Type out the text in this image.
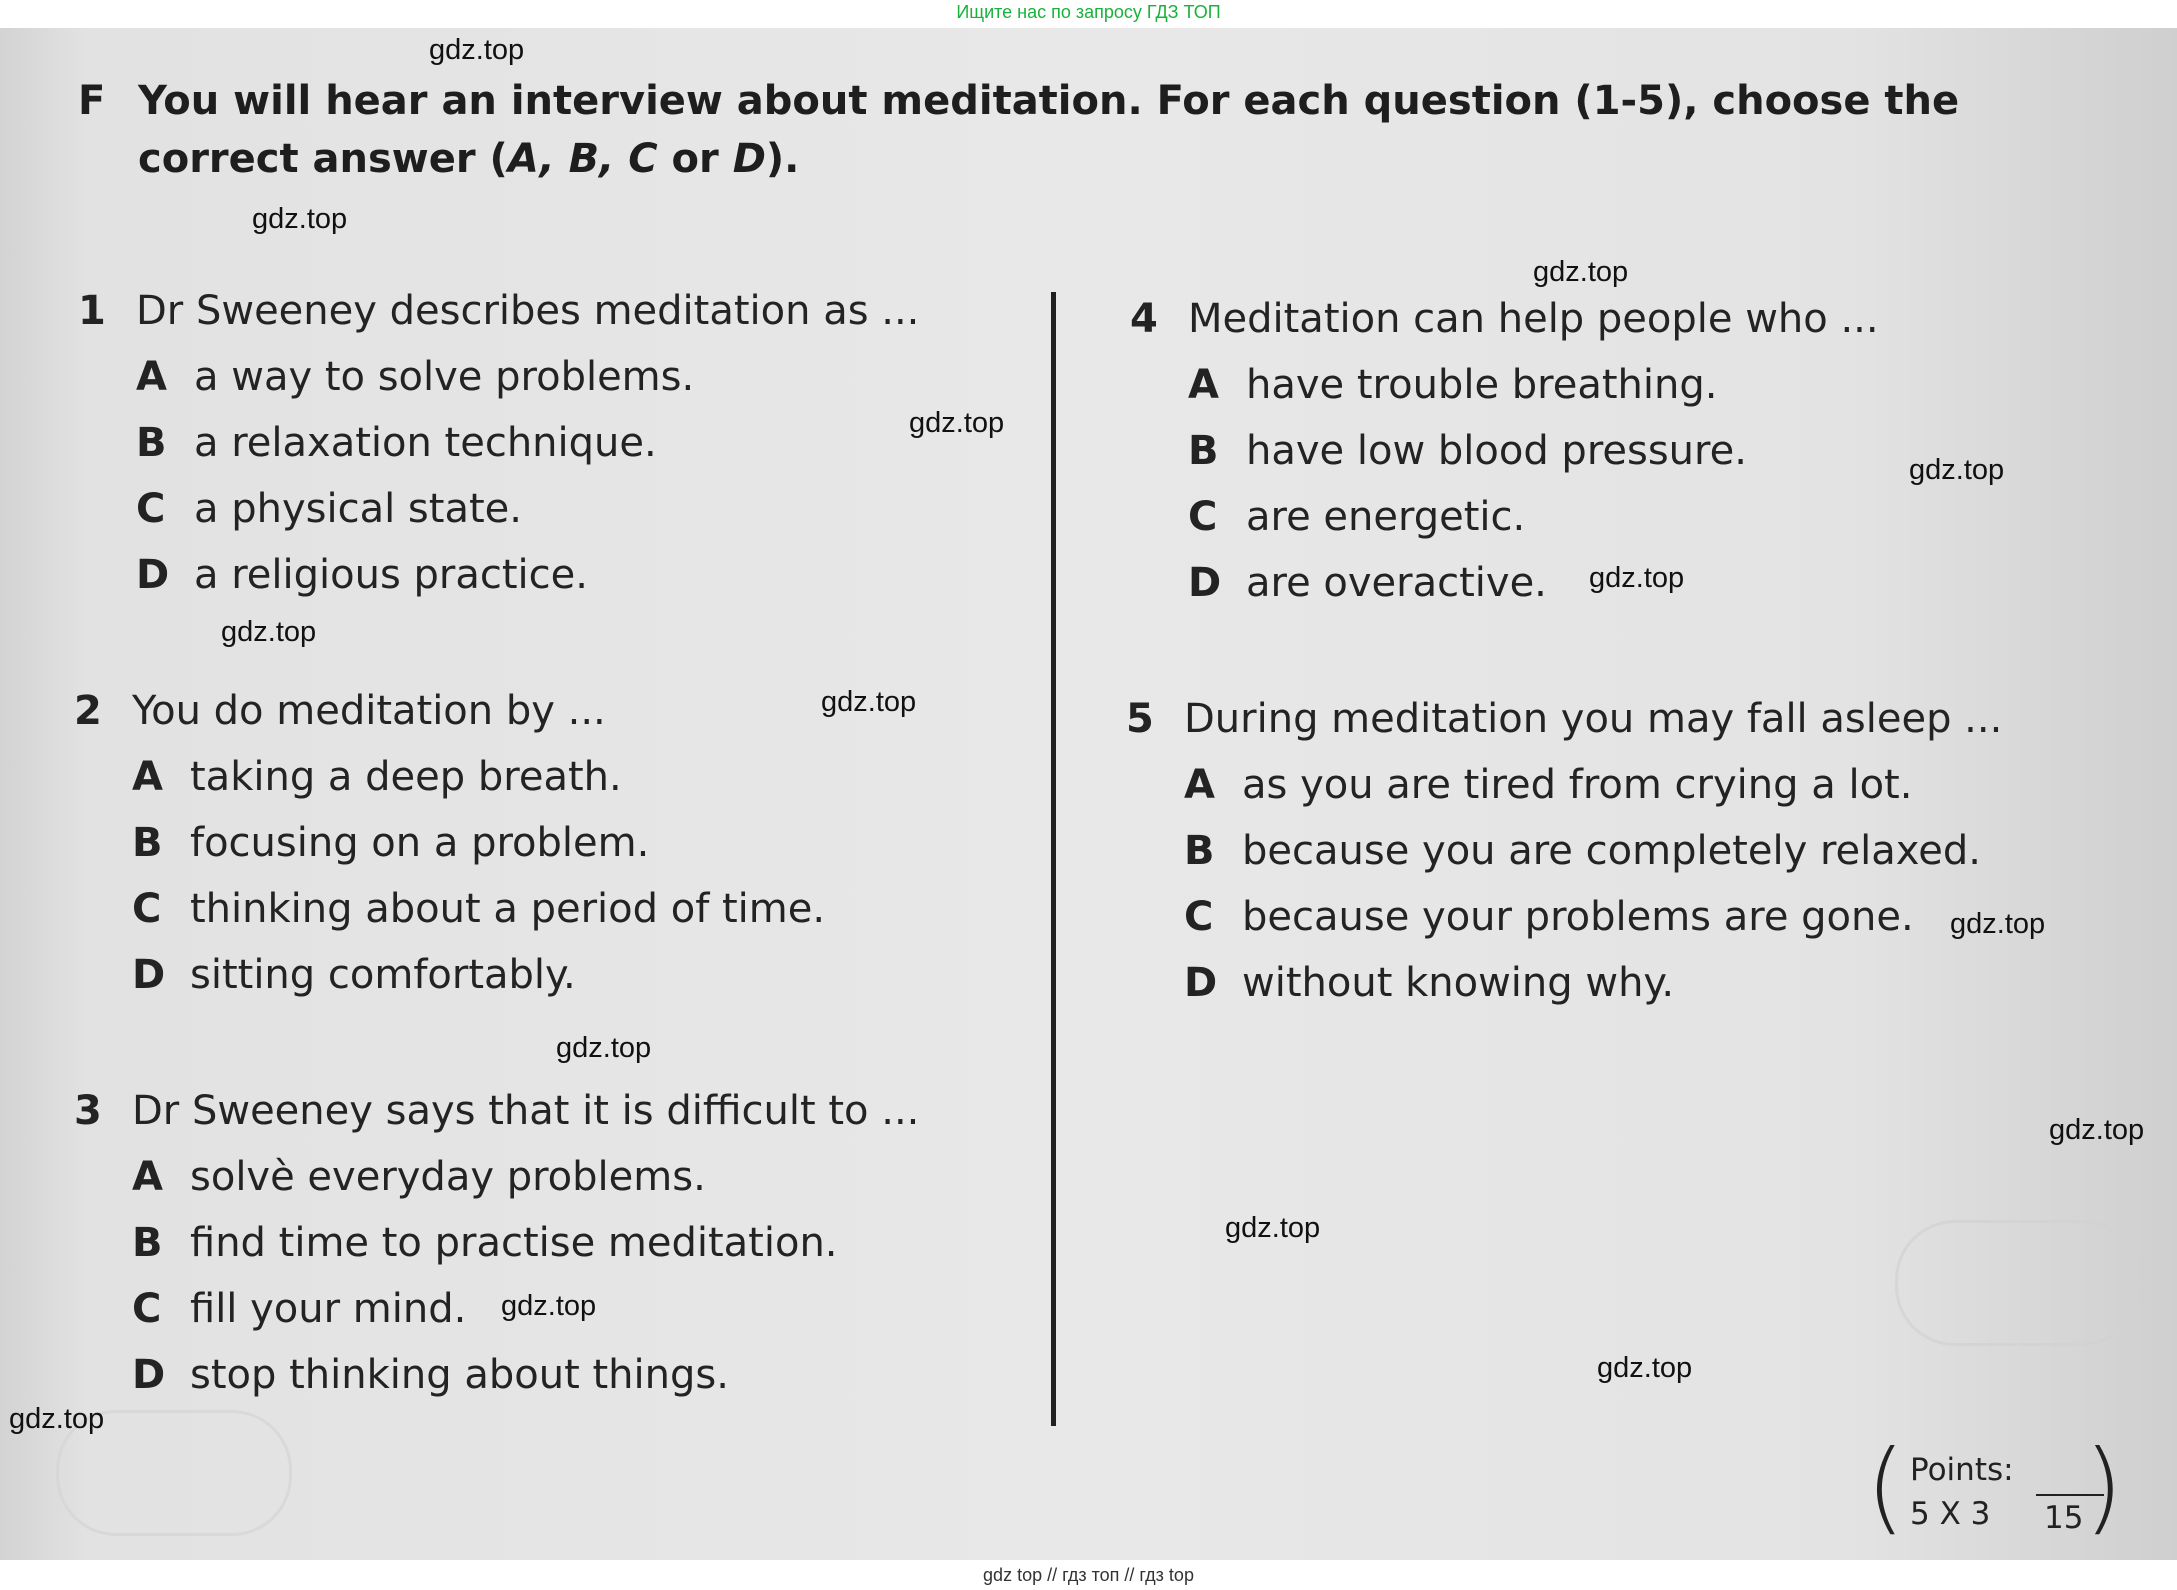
F You will hear an interview about meditation. For each question (1-5), choose the correct answer (A, B, C or D).
1 Dr Sweeney describes meditation as ...
A a way to solve problems.
B a relaxation technique.
C a physical state.
D a religious practice.
2 You do meditation by ...
A taking a deep breath.
B focusing on a problem.
C thinking about a period of time.
D sitting comfortably.
3 Dr Sweeney says that it is difficult to ...
A solvè everyday problems.
B find time to practise meditation.
C fill your mind.
D stop thinking about things.
4 Meditation can help people who ...
A have trouble breathing.
B have low blood pressure.
C are energetic.
D are overactive.
5 During meditation you may fall asleep ...
A as you are tired from crying a lot.
B because you are completely relaxed.
C because your problems are gone.
D without knowing why.
( Points:
5 X 3 15 )
gdz.top
gdz.top
gdz.top
gdz.top
gdz.top
gdz.top
gdz.top
gdz.top
gdz.top
gdz.top
gdz.top
gdz.top
gdz.top
gdz.top
gdz.top
Ищите нас по запросу ГДЗ ТОП
gdz top // гдз топ // гдз top
